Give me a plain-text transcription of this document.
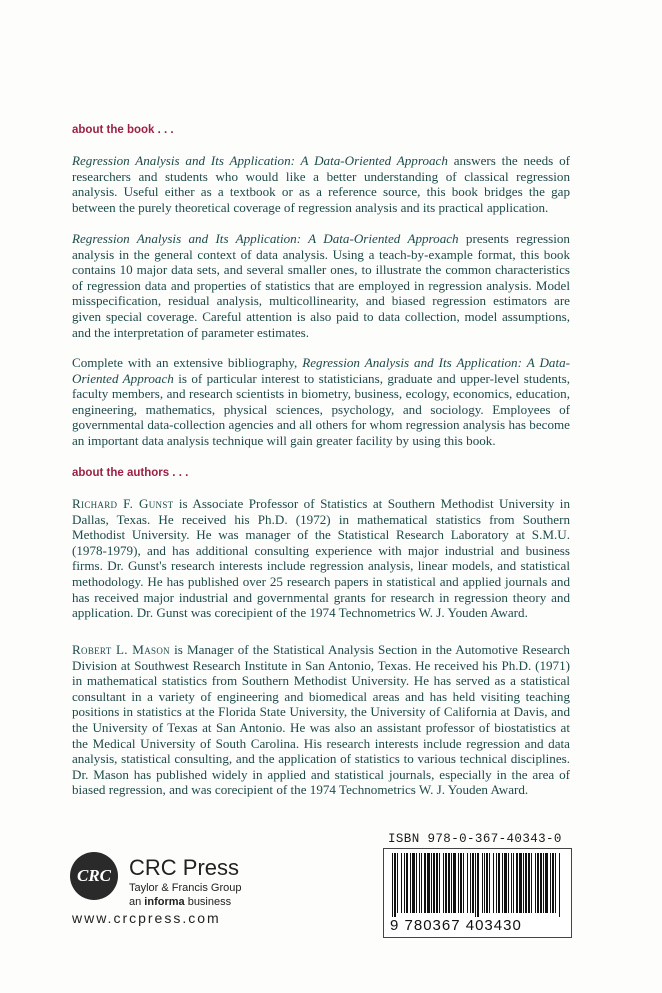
about the book . . .

Regression Analysis and Its Application: A Data-Oriented Approach answers the needs of researchers and students who would like a better understanding of classical regression analysis. Useful either as a textbook or as a reference source, this book bridges the gap between the purely theoretical coverage of regression analysis and its practical application.

Regression Analysis and Its Application: A Data-Oriented Approach presents regression analysis in the general context of data analysis. Using a teach-by-example format, this book contains 10 major data sets, and several smaller ones, to illustrate the common characteristics of regression data and properties of statistics that are employed in regression analysis. Model misspecification, residual analysis, multicollinearity, and biased regression estimators are given special coverage. Careful attention is also paid to data collection, model assumptions, and the interpretation of parameter estimates.

Complete with an extensive bibliography, Regression Analysis and Its Application: A Data-Oriented Approach is of particular interest to statisticians, graduate and upper-level students, faculty members, and research scientists in biometry, business, ecology, economics, education, engineering, mathematics, physical sciences, psychology, and sociology. Employees of governmental data-collection agencies and all others for whom regression analysis has become an important data analysis technique will gain greater facility by using this book.

about the authors . . .

Richard F. Gunst is Associate Professor of Statistics at Southern Methodist University in Dallas, Texas. He received his Ph.D. (1972) in mathematical statistics from Southern Methodist University. He was manager of the Statistical Research Laboratory at S.M.U. (1978-1979), and has additional consulting experience with major industrial and business firms. Dr. Gunst's research interests include regression analysis, linear models, and statistical methodology. He has published over 25 research papers in statistical and applied journals and has received major industrial and governmental grants for research in regression theory and application. Dr. Gunst was corecipient of the 1974 Technometrics W. J. Youden Award.

Robert L. Mason is Manager of the Statistical Analysis Section in the Automotive Research Division at Southwest Research Institute in San Antonio, Texas. He received his Ph.D. (1971) in mathematical statistics from Southern Methodist University. He has served as a statistical consultant in a variety of engineering and biomedical areas and has held visiting teaching positions in statistics at the Florida State University, the University of California at Davis, and the University of Texas at San Antonio. He was also an assistant professor of biostatistics at the Medical University of South Carolina. His research interests include regression and data analysis, statistical consulting, and the application of statistics to various technical disciplines. Dr. Mason has published widely in applied and statistical journals, especially in the area of biased regression, and was corecipient of the 1974 Technometrics W. J. Youden Award.

CRC CRC Press
Taylor & Francis Group
an informa business
www.crcpress.com
ISBN 978-0-367-40343-0
9 780367 403430
